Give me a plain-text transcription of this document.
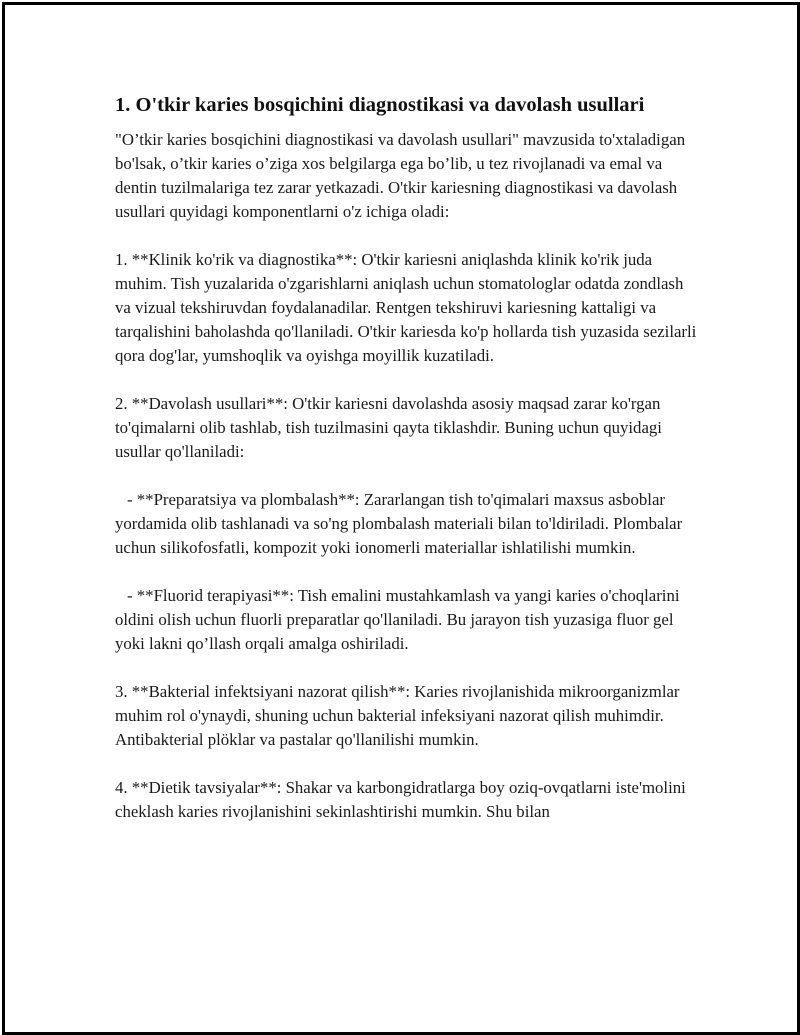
1. O'tkir karies bosqichini diagnostikasi va davolash usullari

"O’tkir karies bosqichini diagnostikasi va davolash usullari" mavzusida to'xtaladigan bo'lsak, o’tkir karies o’ziga xos belgilarga ega bo’lib, u tez rivojlanadi va emal va dentin tuzilmalariga tez zarar yetkazadi. O'tkir kariesning diagnostikasi va davolash usullari quyidagi komponentlarni o'z ichiga oladi:

1. **Klinik ko'rik va diagnostika**: O'tkir kariesni aniqlashda klinik ko'rik juda muhim. Tish yuzalarida o'zgarishlarni aniqlash uchun stomatologlar odatda zondlash va vizual tekshiruvdan foydalanadilar. Rentgen tekshiruvi kariesning kattaligi va tarqalishini baholashda qo'llaniladi. O'tkir kariesda ko'p hollarda tish yuzasida sezilarli qora dog'lar, yumshoqlik va oyishga moyillik kuzatiladi.

2. **Davolash usullari**: O'tkir kariesni davolashda asosiy maqsad zarar ko'rgan to'qimalarni olib tashlab, tish tuzilmasini qayta tiklashdir. Buning uchun quyidagi usullar qo'llaniladi:

- **Preparatsiya va plombalash**: Zararlangan tish to'qimalari maxsus asboblar yordamida olib tashlanadi va so'ng plombalash materiali bilan to'ldiriladi. Plombalar uchun silikofosfatli, kompozit yoki ionomerli materiallar ishlatilishi mumkin.

- **Fluorid terapiyasi**: Tish emalini mustahkamlash va yangi karies o'choqlarini oldini olish uchun fluorli preparatlar qo'llaniladi. Bu jarayon tish yuzasiga fluor gel yoki lakni qo’llash orqali amalga oshiriladi.

3. **Bakterial infektsiyani nazorat qilish**: Karies rivojlanishida mikroorganizmlar muhim rol o'ynaydi, shuning uchun bakterial infeksiyani nazorat qilish muhimdir. Antibakterial plöklar va pastalar qo'llanilishi mumkin.

4. **Dietik tavsiyalar**: Shakar va karbongidratlarga boy oziq-ovqatlarni iste'molini cheklash karies rivojlanishini sekinlashtirishi mumkin. Shu bilan
